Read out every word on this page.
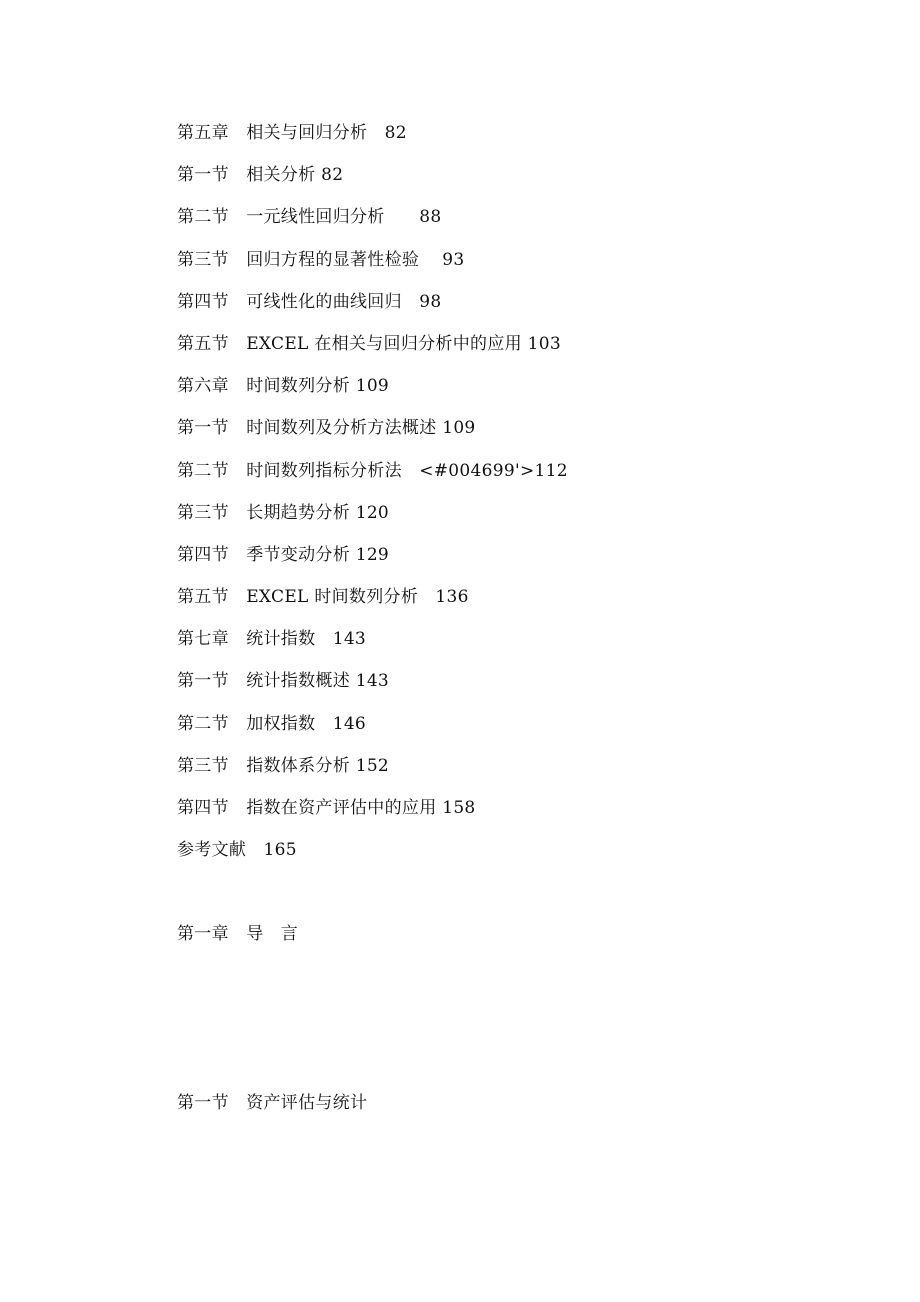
第五章　相关与回归分析　82
第一节　相关分析 82
第二节　一元线性回归分析　　88
第三节　回归方程的显著性检验　 93
第四节　可线性化的曲线回归　98
第五节　EXCEL 在相关与回归分析中的应用 103
第六章　时间数列分析 109
第一节　时间数列及分析方法概述 109
第二节　时间数列指标分析法　<#004699'>112
第三节　长期趋势分析 120
第四节　季节变动分析 129
第五节　EXCEL 时间数列分析　136
第七章　统计指数　143
第一节　统计指数概述 143
第二节　加权指数　146
第三节　指数体系分析 152
第四节　指数在资产评估中的应用 158
参考文献　165
第一章　导　言
第一节　资产评估与统计
